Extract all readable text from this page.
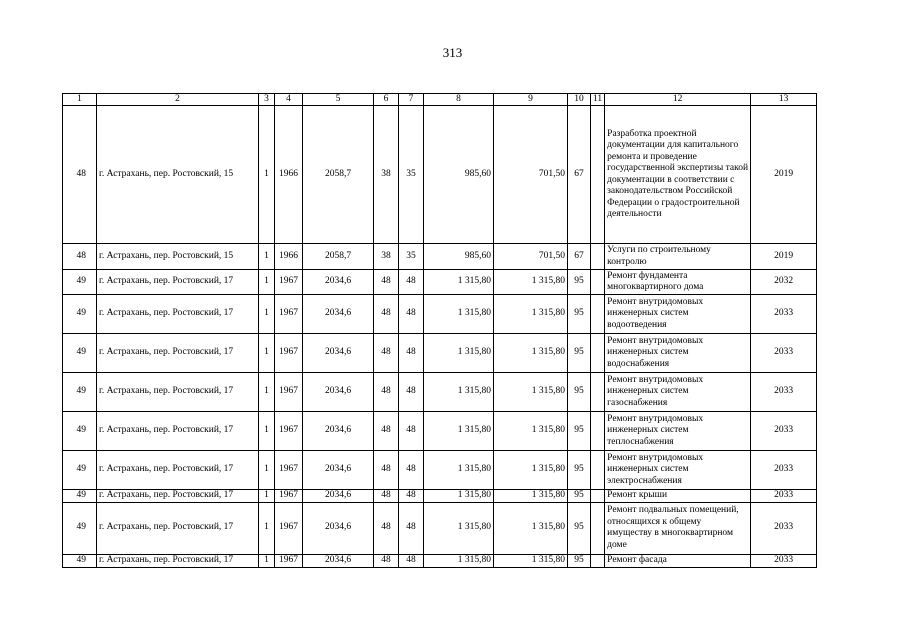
313
1	2	3	4	5	6	7	8	9	10	11	12	13
48	г. Астрахань, пер. Ростовский, 15	1	1966	2058,7	38	35	985,60	701,50	67		Разработка проектной документации для капитального ремонта и проведение государственной экспертизы такой документации в соответствии с законодательством Российской Федерации о градостроительной деятельности	2019
48	г. Астрахань, пер. Ростовский, 15	1	1966	2058,7	38	35	985,60	701,50	67		Услуги по строительному контролю	2019
49	г. Астрахань, пер. Ростовский, 17	1	1967	2034,6	48	48	1 315,80	1 315,80	95		Ремонт фундамента многоквартирного дома	2032
49	г. Астрахань, пер. Ростовский, 17	1	1967	2034,6	48	48	1 315,80	1 315,80	95		Ремонт внутридомовых инженерных систем водоотведения	2033
49	г. Астрахань, пер. Ростовский, 17	1	1967	2034,6	48	48	1 315,80	1 315,80	95		Ремонт внутридомовых инженерных систем водоснабжения	2033
49	г. Астрахань, пер. Ростовский, 17	1	1967	2034,6	48	48	1 315,80	1 315,80	95		Ремонт внутридомовых инженерных систем газоснабжения	2033
49	г. Астрахань, пер. Ростовский, 17	1	1967	2034,6	48	48	1 315,80	1 315,80	95		Ремонт внутридомовых инженерных систем теплоснабжения	2033
49	г. Астрахань, пер. Ростовский, 17	1	1967	2034,6	48	48	1 315,80	1 315,80	95		Ремонт внутридомовых инженерных систем электроснабжения	2033
49	г. Астрахань, пер. Ростовский, 17	1	1967	2034,6	48	48	1 315,80	1 315,80	95		Ремонт крыши	2033
49	г. Астрахань, пер. Ростовский, 17	1	1967	2034,6	48	48	1 315,80	1 315,80	95		Ремонт подвальных помещений, относящихся к общему имуществу в многоквартирном доме	2033
49	г. Астрахань, пер. Ростовский, 17	1	1967	2034,6	48	48	1 315,80	1 315,80	95		Ремонт фасада	2033
